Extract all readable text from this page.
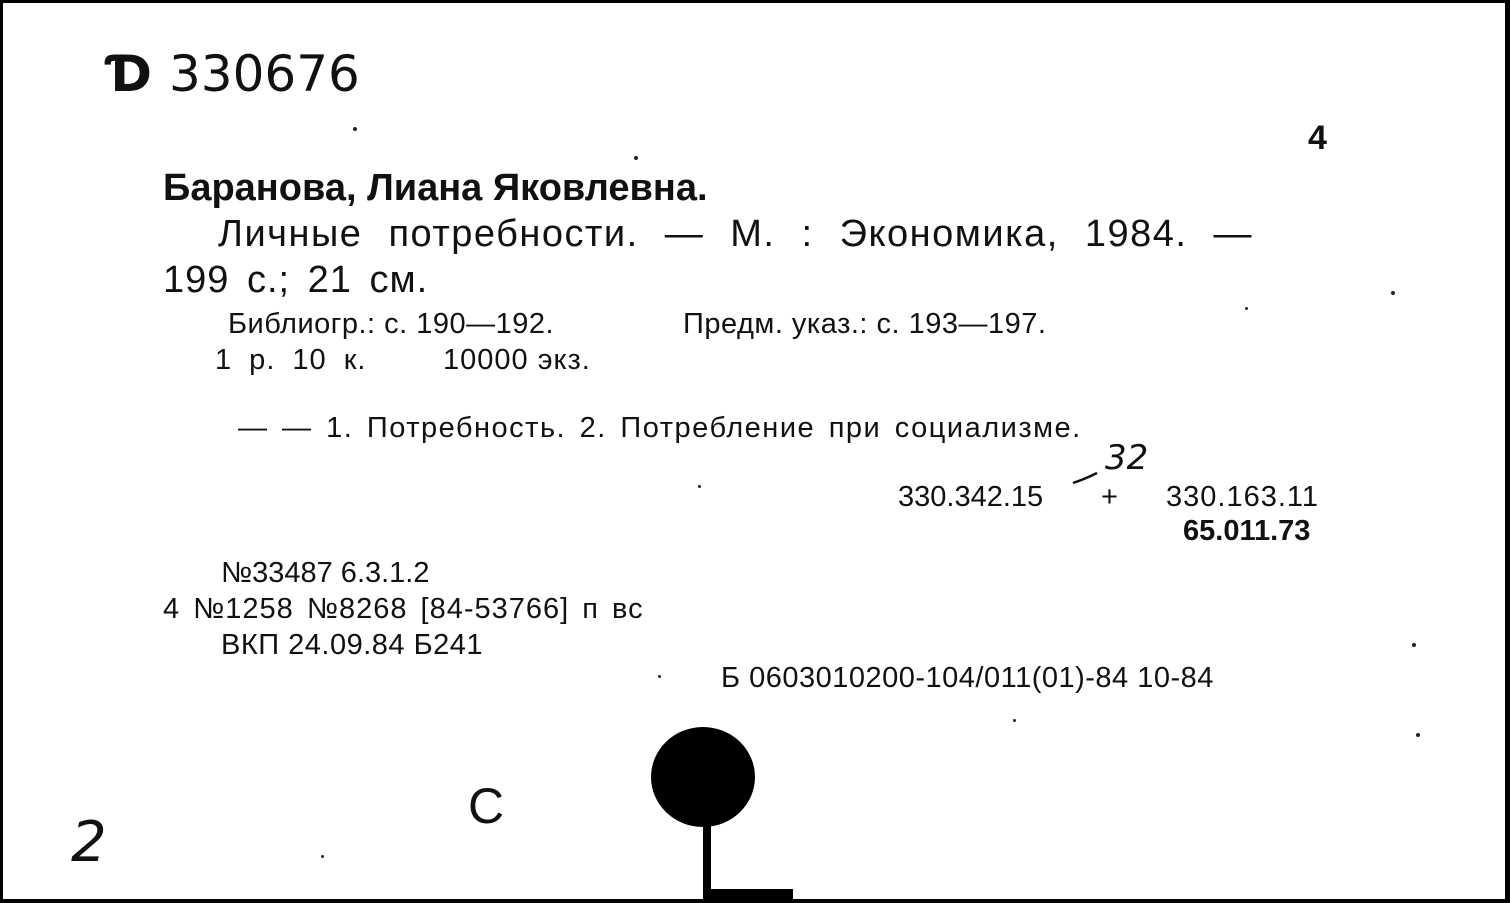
Ɗ 330676
4
Баранова, Лиана Яковлевна.
Личные потребности. — М. : Экономика, 1984. —
199 с.; 21 см.
Библиогр.: с. 190—192.	Предм. указ.: с. 193—197.
1 р. 10 к.	10000 экз.
— — 1. Потребность. 2. Потребление при социализме.
32
330.342.15 + 330.163.11
65.011.73
№33487 6.3.1.2
4 №1258 №8268 [84-53766] п вс
ВКП 24.09.84 Б241
Б 0603010200-104/011(01)-84 10-84
С
2
